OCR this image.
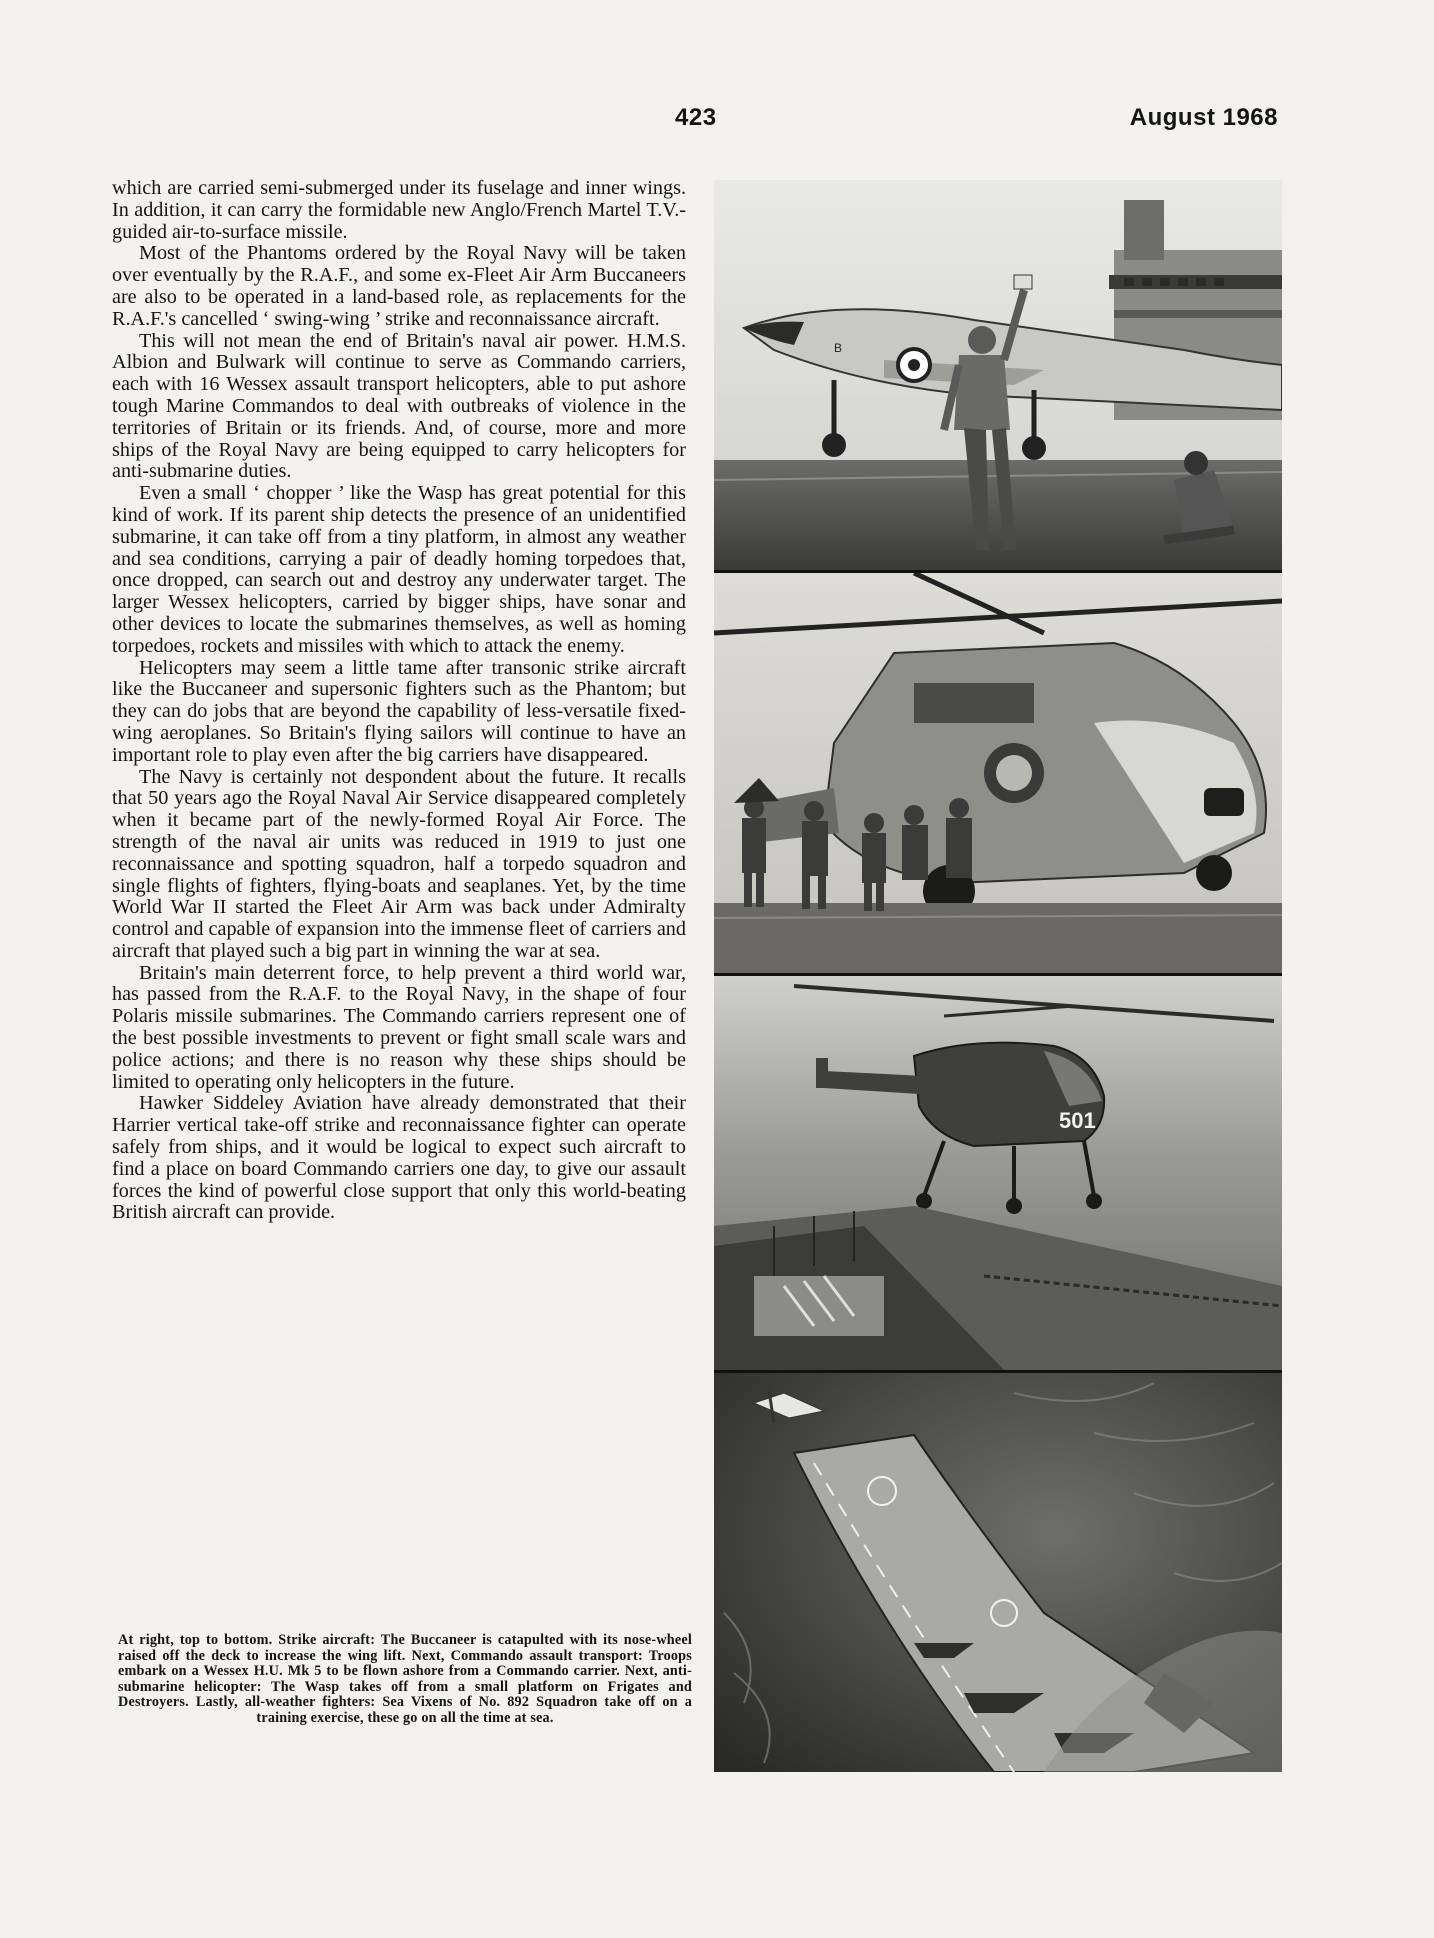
423	August 1968

which are carried semi-submerged under its fuselage and inner wings. In addition, it can carry the formidable new Anglo/French Martel T.V.-guided air-to-surface missile.

Most of the Phantoms ordered by the Royal Navy will be taken over eventually by the R.A.F., and some ex-Fleet Air Arm Buccaneers are also to be operated in a land-based role, as replacements for the R.A.F.'s cancelled ‘ swing-wing ’ strike and reconnaissance aircraft.

This will not mean the end of Britain's naval air power. H.M.S. Albion and Bulwark will continue to serve as Commando carriers, each with 16 Wessex assault transport helicopters, able to put ashore tough Marine Commandos to deal with outbreaks of violence in the territories of Britain or its friends. And, of course, more and more ships of the Royal Navy are being equipped to carry helicopters for anti-submarine duties.

Even a small ‘ chopper ’ like the Wasp has great potential for this kind of work. If its parent ship detects the presence of an unidentified submarine, it can take off from a tiny platform, in almost any weather and sea conditions, carrying a pair of deadly homing torpedoes that, once dropped, can search out and destroy any underwater target. The larger Wessex helicopters, carried by bigger ships, have sonar and other devices to locate the submarines themselves, as well as homing torpedoes, rockets and missiles with which to attack the enemy.

Helicopters may seem a little tame after transonic strike aircraft like the Buccaneer and supersonic fighters such as the Phantom; but they can do jobs that are beyond the capability of less-versatile fixed-wing aeroplanes. So Britain's flying sailors will continue to have an important role to play even after the big carriers have disappeared.

The Navy is certainly not despondent about the future. It recalls that 50 years ago the Royal Naval Air Service disappeared completely when it became part of the newly-formed Royal Air Force. The strength of the naval air units was reduced in 1919 to just one reconnaissance and spotting squadron, half a torpedo squadron and single flights of fighters, flying-boats and seaplanes. Yet, by the time World War II started the Fleet Air Arm was back under Admiralty control and capable of expansion into the immense fleet of carriers and aircraft that played such a big part in winning the war at sea.

Britain's main deterrent force, to help prevent a third world war, has passed from the R.A.F. to the Royal Navy, in the shape of four Polaris missile submarines. The Commando carriers represent one of the best possible investments to prevent or fight small scale wars and police actions; and there is no reason why these ships should be limited to operating only helicopters in the future.

Hawker Siddeley Aviation have already demonstrated that their Harrier vertical take-off strike and reconnaissance fighter can operate safely from ships, and it would be logical to expect such aircraft to find a place on board Commando carriers one day, to give our assault forces the kind of powerful close support that only this world-beating British aircraft can provide.

At right, top to bottom. Strike aircraft: The Buccaneer is catapulted with its nose-wheel raised off the deck to increase the wing lift. Next, Commando assault transport: Troops embark on a Wessex H.U. Mk 5 to be flown ashore from a Commando carrier. Next, anti-submarine helicopter: The Wasp takes off from a small platform on Frigates and Destroyers. Lastly, all-weather fighters: Sea Vixens of No. 892 Squadron take off on a training exercise, these go on all the time at sea.
B
501
